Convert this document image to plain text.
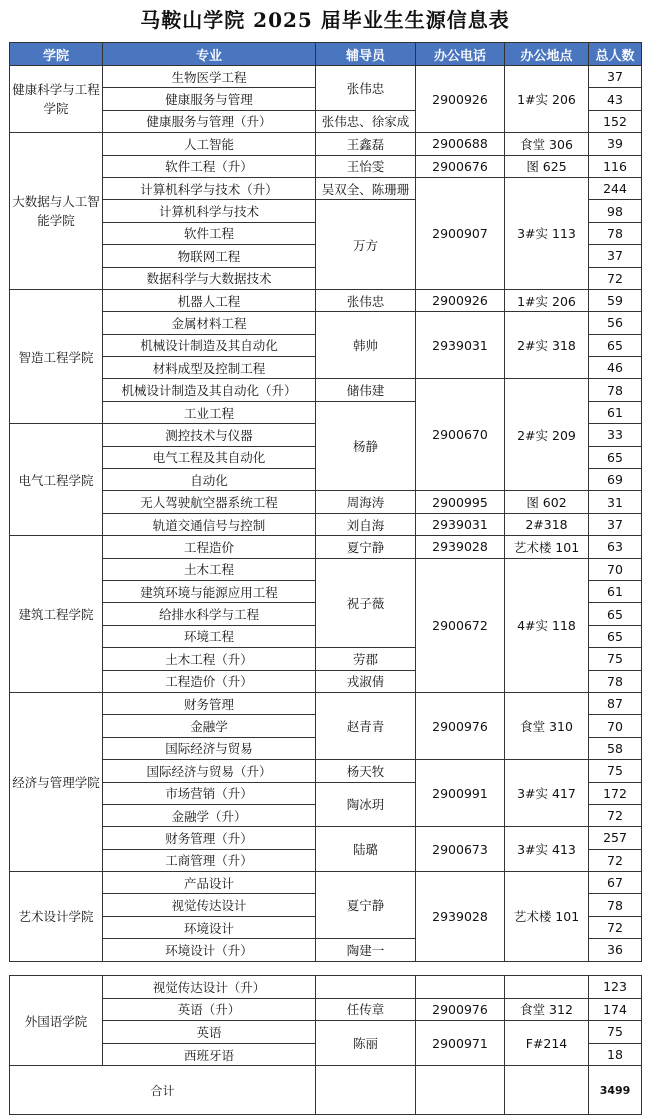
马鞍山学院 2025 届毕业生生源信息表
学院	专业	辅导员	办公电话	办公地点	总人数
健康科学与工程学院	生物医学工程	张伟忠	2900926	1#实 206	37
	健康服务与管理				43
	健康服务与管理（升）	张伟忠、徐家成			152
大数据与人工智能学院	人工智能	王鑫磊	2900688	食堂 306	39
	软件工程（升）	王怡雯	2900676	图 625	116
	计算机科学与技术（升）	吴双全、陈珊珊	2900907	3#实 113	244
	计算机科学与技术	万方			98
	软件工程				78
	物联网工程				37
	数据科学与大数据技术				72
智造工程学院	机器人工程	张伟忠	2900926	1#实 206	59
	金属材料工程	韩帅	2939031	2#实 318	56
	机械设计制造及其自动化				65
	材料成型及控制工程				46
	机械设计制造及其自动化（升）	储伟建	2900670	2#实 209	78
	工业工程	杨静			61
电气工程学院	测控技术与仪器				33
	电气工程及其自动化				65
	自动化				69
	无人驾驶航空器系统工程	周海涛	2900995	图 602	31
	轨道交通信号与控制	刘自海	2939031	2#318	37
建筑工程学院	工程造价	夏宁静	2939028	艺术楼 101	63
	土木工程	祝子薇	2900672	4#实 118	70
	建筑环境与能源应用工程				61
	给排水科学与工程				65
	环境工程				65
	土木工程（升）	劳郡			75
	工程造价（升）	戎淑倩			78
经济与管理学院	财务管理	赵青青	2900976	食堂 310	87
	金融学				70
	国际经济与贸易				58
	国际经济与贸易（升）	杨天牧	2900991	3#实 417	75
	市场营销（升）	陶冰玥			172
	金融学（升）				72
	财务管理（升）	陆璐	2900673	3#实 413	257
	工商管理（升）				72
艺术设计学院	产品设计	夏宁静	2939028	艺术楼 101	67
	视觉传达设计				78
	环境设计				72
	环境设计（升）	陶建一			36
外国语学院	视觉传达设计（升）				123
	英语（升）	任传章	2900976	食堂 312	174
	英语	陈丽	2900971	F#214	75
	西班牙语				18
合计					3499
